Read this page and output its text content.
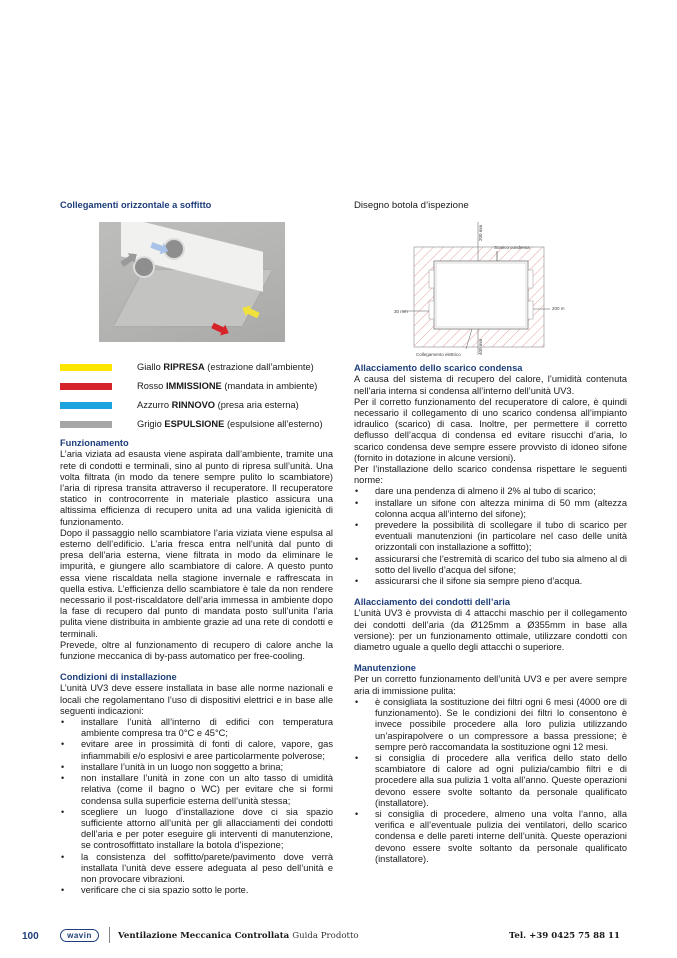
Collegamenti orizzontale a soffitto
Giallo RIPRESA (estrazione dall’ambiente)
Rosso IMMISSIONE (mandata in ambiente)
Azzurro RINNOVO (presa aria esterna)
Grigio ESPULSIONE (espulsione all’esterno)
Funzionamento

L’aria viziata ad esausta viene aspirata dall’ambiente, tramite una rete di condotti e terminali, sino al punto di ripresa sull’unità. Una volta filtrata (in modo da tenere sempre pulito lo scambiatore) l’aria di ripresa transita attraverso il recuperatore. Il recuperatore statico in controcorrente in materiale plastico assicura una altissima efficienza di recupero unita ad una valida igienicità di funzionamento.

Dopo il passaggio nello scambiatore l’aria viziata viene espulsa al esterno dell’edificio. L’aria fresca entra nell’unità dal punto di presa dell’aria esterna, viene filtrata in modo da eliminare le impurità, e giungere allo scambiatore di calore. A questo punto essa viene riscaldata nella stagione invernale e raffrescata in quella estiva. L’efficienza dello scambiatore è tale da non rendere necessario il post-riscaldatore dell’aria immessa in ambiente dopo la fase di recupero dal punto di mandata posto sull’unita l’aria pulita viene distribuita in ambiente grazie ad una rete di condotti e terminali.

Prevede, oltre al funzionamento di recupero di calore anche la funzione meccanica di by-pass automatico per free-cooling.

Condizioni di installazione

L’unità UV3 deve essere installata in base alle norme nazionali e locali che regolamentano l’uso di dispositivi elettrici e in base alle seguenti indicazioni:

• installare l’unità all’interno di edifici con temperatura ambiente compresa tra 0°C e 45°C;
• evitare aree in prossimità di fonti di calore, vapore, gas infiammabili e/o esplosivi e aree particolarmente polverose;
• installare l’unità in un luogo non soggetto a brina;
• non installare l’unità in zone con un alto tasso di umidità relativa (come il bagno o WC) per evitare che si formi condensa sulla superficie esterna dell’unità stessa;
• scegliere un luogo d’installazione dove ci sia spazio sufficiente attorno all’unità per gli allacciamenti dei condotti dell’aria e per poter eseguire gli interventi di manutenzione, se controsoffittato installare la botola d’ispezione;
• la consistenza del soffitto/parete/pavimento dove verrà installata l’unità deve essere adeguata al peso dell’unità e non provocare vibrazioni.
• verificare che ci sia spazio sotto le porte.
Disegno botola d’ispezione
200 mm
Scarico condensa
30 mm
200 m
400 mm
Collegamento elettrico
Allacciamento dello scarico condensa

A causa del sistema di recupero del calore, l’umidità contenuta nell’aria interna si condensa all’interno dell’unità UV3.

Per il corretto funzionamento del recuperatore di calore, è quindi necessario il collegamento di uno scarico condensa all’impianto idraulico (scarico) di casa. Inoltre, per permettere il corretto deflusso dell’acqua di condensa ed evitare risucchi d’aria, lo scarico condensa deve sempre essere provvisto di idoneo sifone (fornito in dotazione in alcune versioni).

Per l’installazione dello scarico condensa rispettare le seguenti norme:

• dare una pendenza di almeno il 2% al tubo di scarico;
• installare un sifone con altezza minima di 50 mm (altezza colonna acqua all’interno del sifone);
• prevedere la possibilità di scollegare il tubo di scarico per eventuali manutenzioni (in particolare nel caso delle unità orizzontali con installazione a soffitto);
• assicurarsi che l’estremità di scarico del tubo sia almeno al di sotto del livello d’acqua del sifone;
• assicurarsi che il sifone sia sempre pieno d’acqua.
Allacciamento dei condotti dell’aria

L’unità UV3 è provvista di 4 attacchi maschio per il collegamento dei condotti dell’aria (da Ø125mm a Ø355mm in base alla versione): per un funzionamento ottimale, utilizzare condotti con diametro uguale a quello degli attacchi o superiore.

Manutenzione

Per un corretto funzionamento dell’unità UV3 e per avere sempre aria di immissione pulita:

• è consigliata la sostituzione dei filtri ogni 6 mesi (4000 ore di funzionamento). Se le condizioni dei filtri lo consentono è invece possibile procedere alla loro pulizia utilizzando un’aspirapolvere o un compressore a bassa pressione; è sempre però raccomandata la sostituzione ogni 12 mesi.
• si consiglia di procedere alla verifica dello stato dello scambiatore di calore ad ogni pulizia/cambio filtri e di procedere alla sua pulizia 1 volta all’anno. Queste operazioni devono essere svolte soltanto da personale qualificato (installatore).
• si consiglia di procedere, almeno una volta l’anno, alla verifica e all’eventuale pulizia dei ventilatori, dello scarico condensa e delle pareti interne dell’unità. Queste operazioni devono essere svolte soltanto da personale qualificato (installatore).
100	wavin	Ventilazione Meccanica Controllata Guida Prodotto	Tel. +39 0425 75 88 11
